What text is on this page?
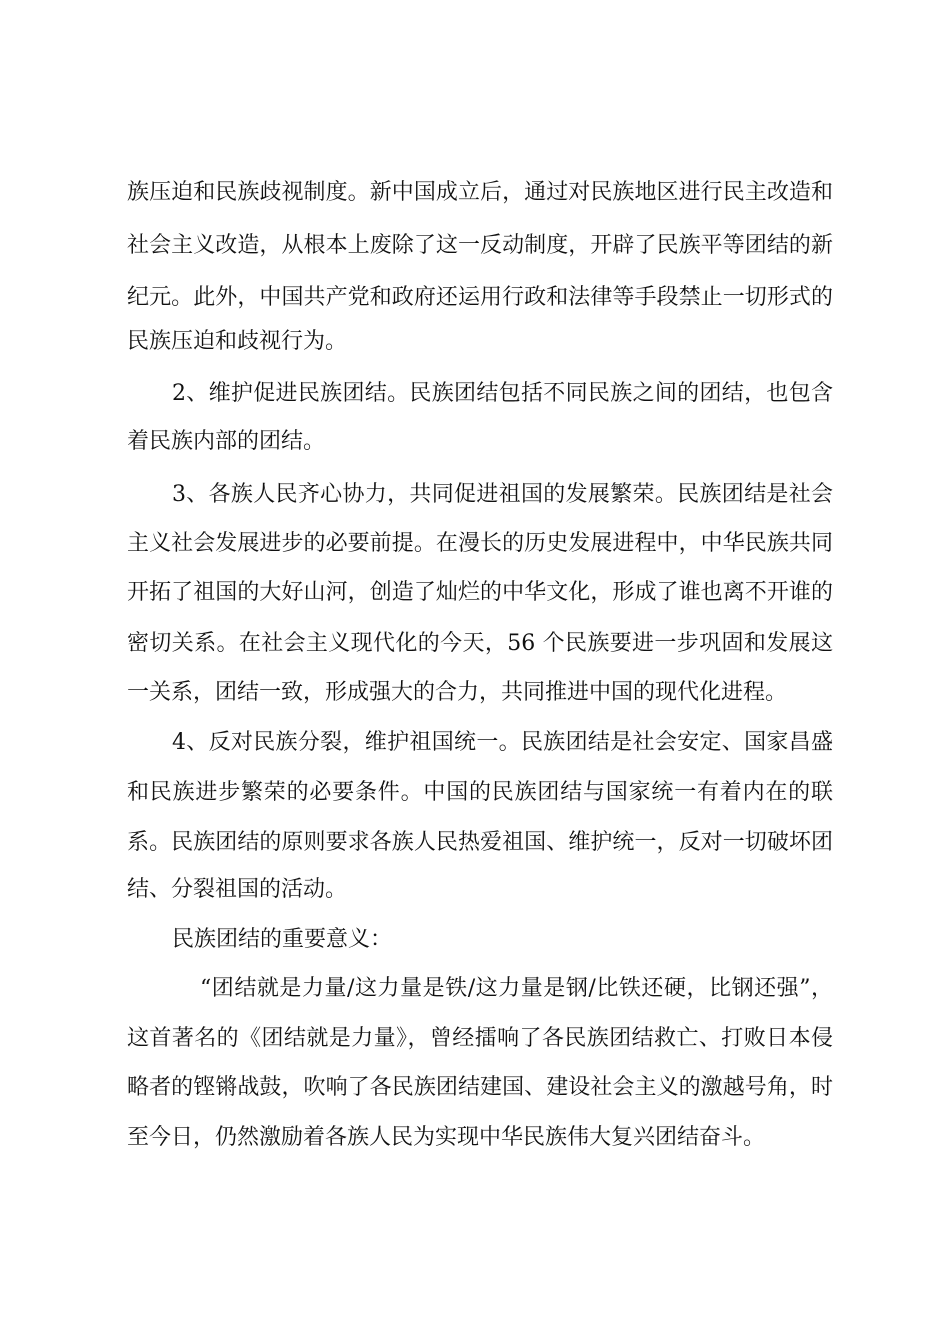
族压迫和民族歧视制度。新中国成立后，通过对民族地区进行民主改造和
社会主义改造，从根本上废除了这一反动制度，开辟了民族平等团结的新
纪元。此外，中国共产党和政府还运用行政和法律等手段禁止一切形式的
民族压迫和歧视行为。
2、维护促进民族团结。民族团结包括不同民族之间的团结，也包含
着民族内部的团结。
3、各族人民齐心协力，共同促进祖国的发展繁荣。民族团结是社会
主义社会发展进步的必要前提。在漫长的历史发展进程中，中华民族共同
开拓了祖国的大好山河，创造了灿烂的中华文化，形成了谁也离不开谁的
密切关系。在社会主义现代化的今天，56 个民族要进一步巩固和发展这
一关系，团结一致，形成强大的合力，共同推进中国的现代化进程。
4、反对民族分裂，维护祖国统一。民族团结是社会安定、国家昌盛
和民族进步繁荣的必要条件。中国的民族团结与国家统一有着内在的联
系。民族团结的原则要求各族人民热爱祖国、维护统一，反对一切破坏团
结、分裂祖国的活动。
民族团结的重要意义：
“团结就是力量/这力量是铁/这力量是钢/比铁还硬，比钢还强”，
这首著名的《团结就是力量》，曾经擂响了各民族团结救亡、打败日本侵
略者的铿锵战鼓，吹响了各民族团结建国、建设社会主义的激越号角，时
至今日，仍然激励着各族人民为实现中华民族伟大复兴团结奋斗。
